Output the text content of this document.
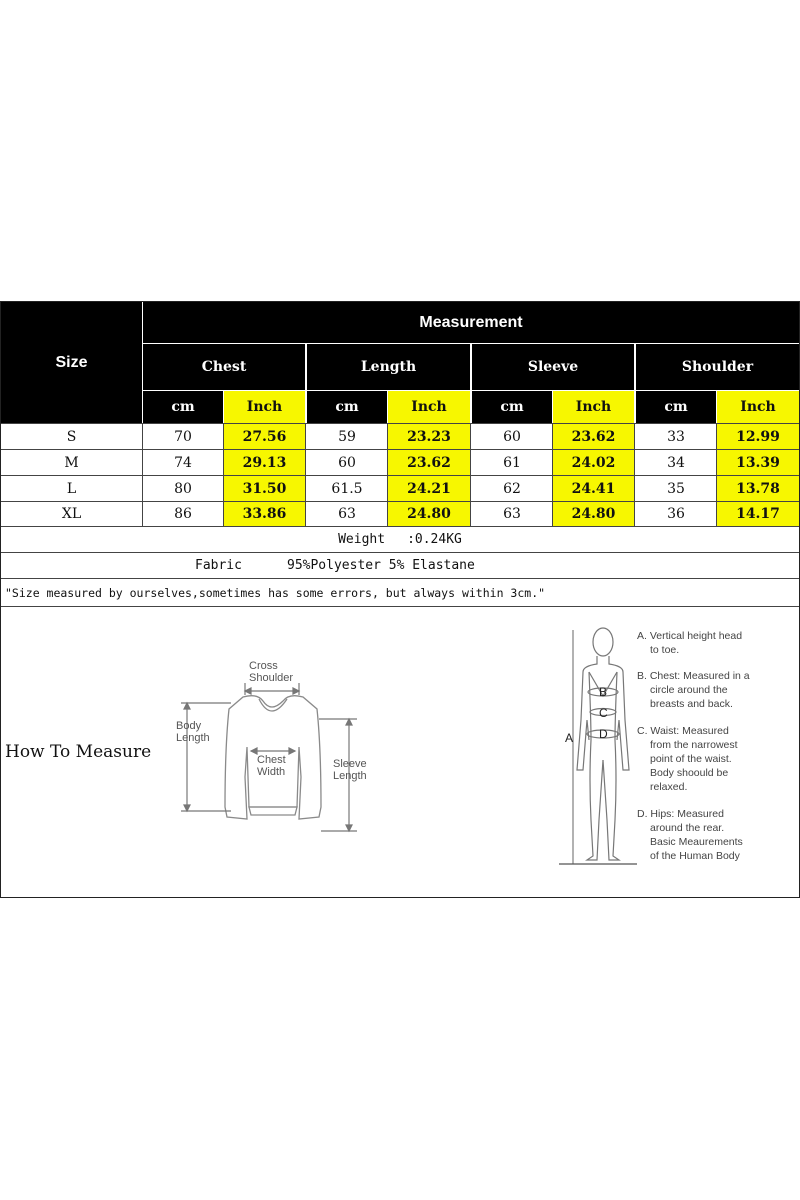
Size
Measurement
Chest	Length	Sleeve	Shoulder
cm	Inch	cm	Inch	cm	Inch	cm	Inch
S	70	27.56	59	23.23	60	23.62	33	12.99
M	74	29.13	60	23.62	61	24.02	34	13.39
L	80	31.50	61.5	24.21	62	24.41	35	13.78
XL	86	33.86	63	24.80	63	24.80	36	14.17
Weight :0.24KG
Fabric	95%Polyester 5% Elastane
"Size measured by ourselves,sometimes has some errors, but always within 3cm."
How To Measure
Cross
Shoulder
Body
Length
Chest
Width
Sleeve
Length
A
B
C
D
A. Vertical height head
to toe.
B. Chest: Measured in a
circle around the
breasts and back.
C. Waist: Measured
from the narrowest
point of the waist.
Body shoould be
relaxed.
D. Hips: Measured
around the rear.
Basic Meaurements
of the Human Body
